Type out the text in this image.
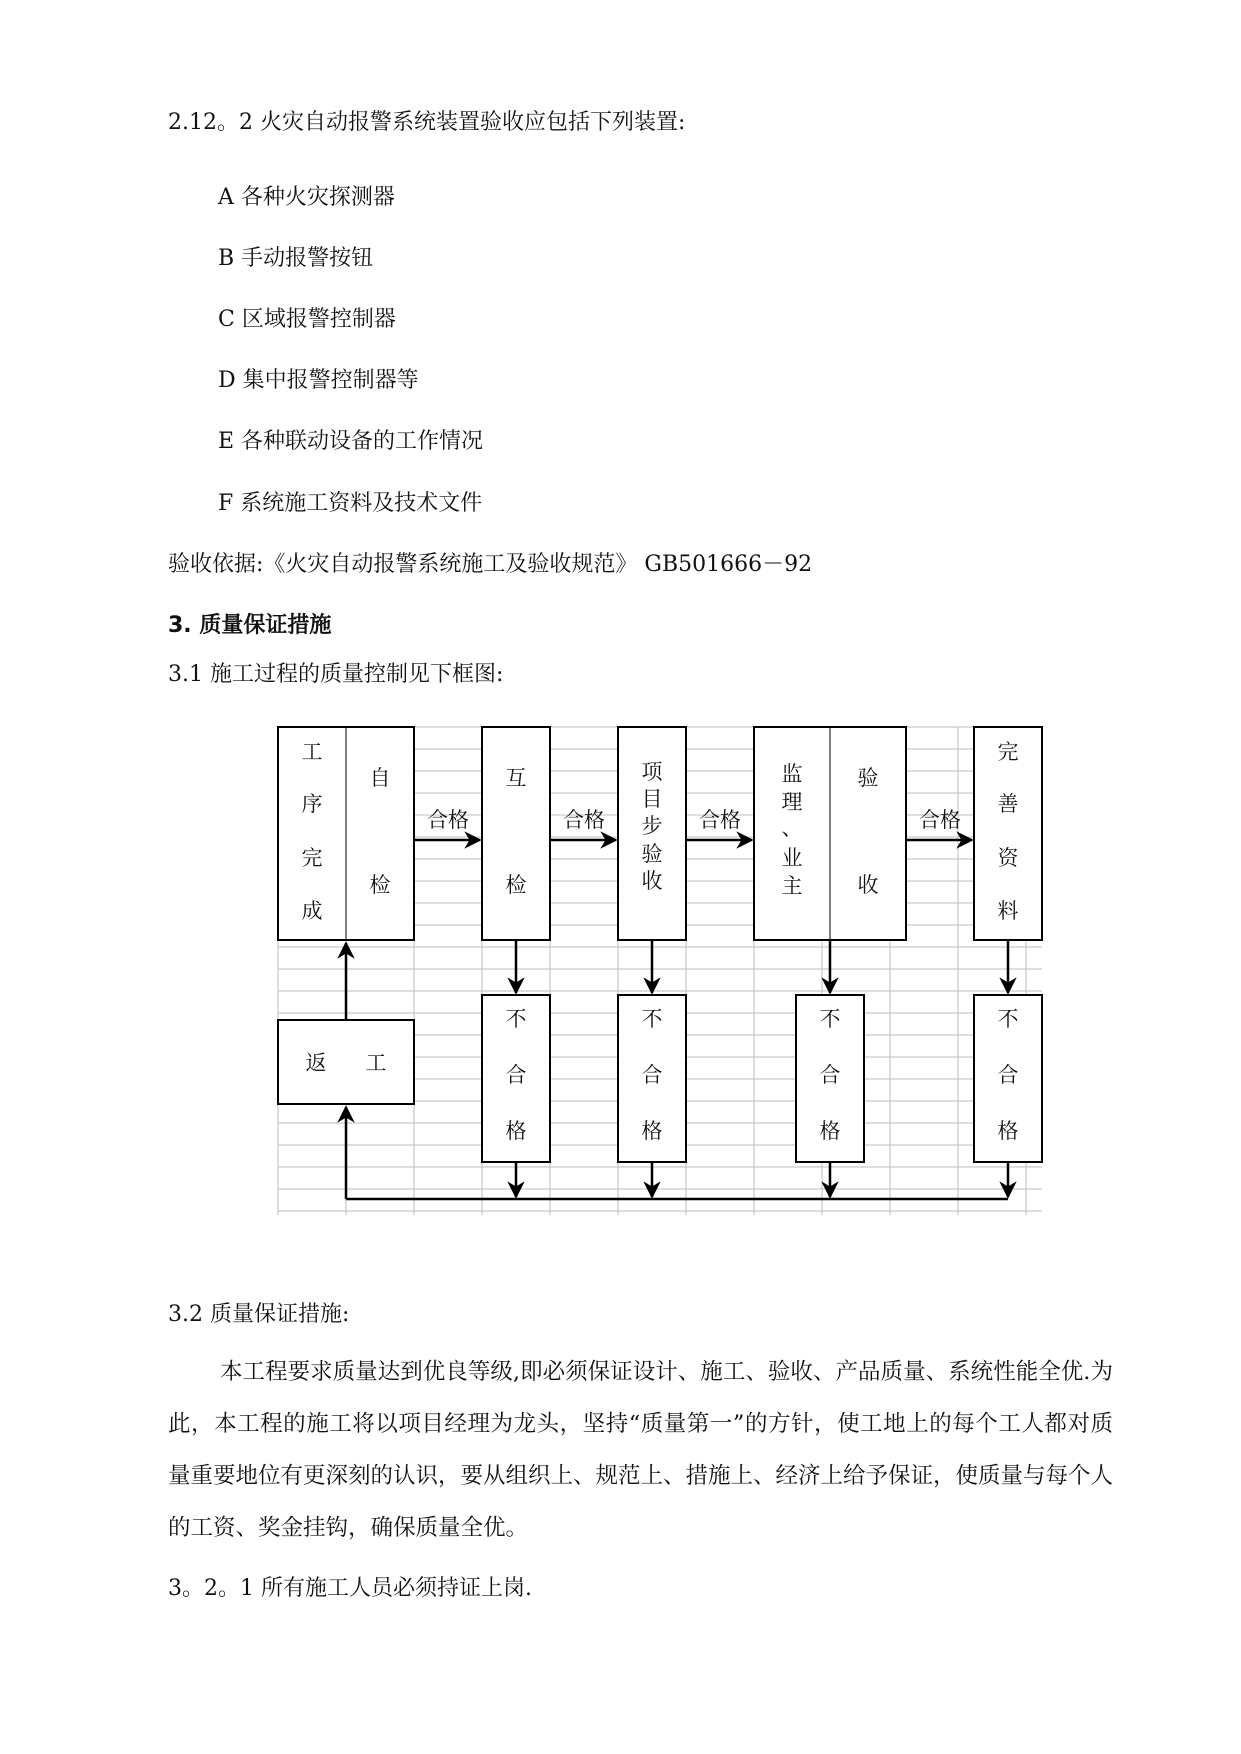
2.12。2 火灾自动报警系统装置验收应包括下列装置:
A 各种火灾探测器
B 手动报警按钮
C 区域报警控制器
D 集中报警控制器等
E 各种联动设备的工作情况
F 系统施工资料及技术文件
验收依据:《火灾自动报警系统施工及验收规范》 GB501666－92
3. 质量保证措施
3.1 施工过程的质量控制见下框图:
工
序
完
成
自
检
互
检
项
目
步
验
收
监
理
、
业
主
验
收
完
善
资
料
合格	合格	合格	合格
不
合
格
不
合
格
不
合
格
不
合
格
返 工
3.2 质量保证措施:
本工程要求质量达到优良等级,即必须保证设计、施工、验收、产品质量、系统性能全优.为此，本工程的施工将以项目经理为龙头，坚持“质量第一”的方针，使工地上的每个工人都对质量重要地位有更深刻的认识，要从组织上、规范上、措施上、经济上给予保证，使质量与每个人的工资、奖金挂钩，确保质量全优。
3。2。1 所有施工人员必须持证上岗.
